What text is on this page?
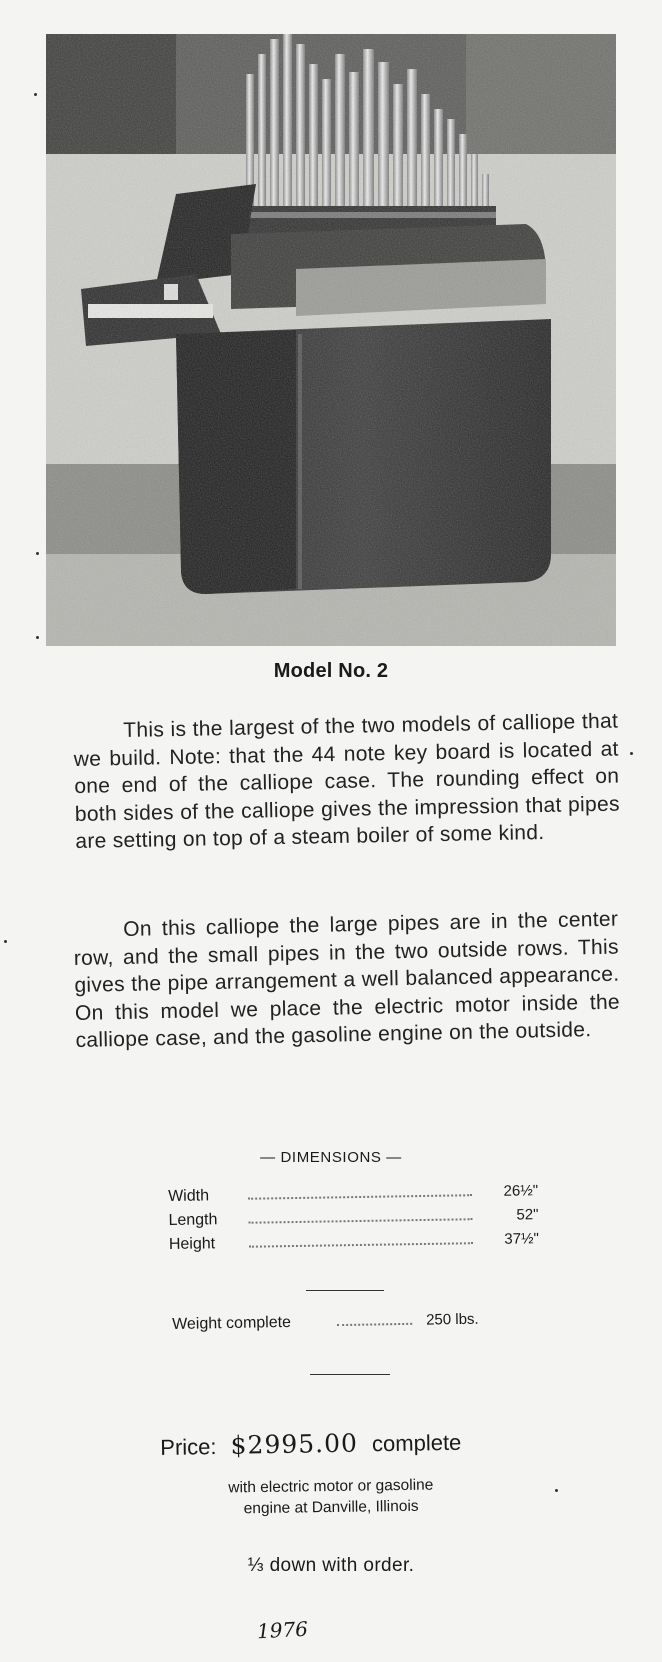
Model No. 2

This is the largest of the two models of calliope that we build. Note: that the 44 note key board is located at one end of the calliope case. The rounding effect on both sides of the calliope gives the impression that pipes are setting on top of a steam boiler of some kind.

On this calliope the large pipes are in the center row, and the small pipes in the two outside rows. This gives the pipe arrangement a well balanced appearance. On this model we place the electric motor inside the calliope case, and the gasoline engine on the outside.

— DIMENSIONS —
Width	26½"
Length	52"
Height	37½"
Weight complete	250 lbs.
Price: $2995.00 complete
with electric motor or gasoline
engine at Danville, Illinois
⅓ down with order.
1976
